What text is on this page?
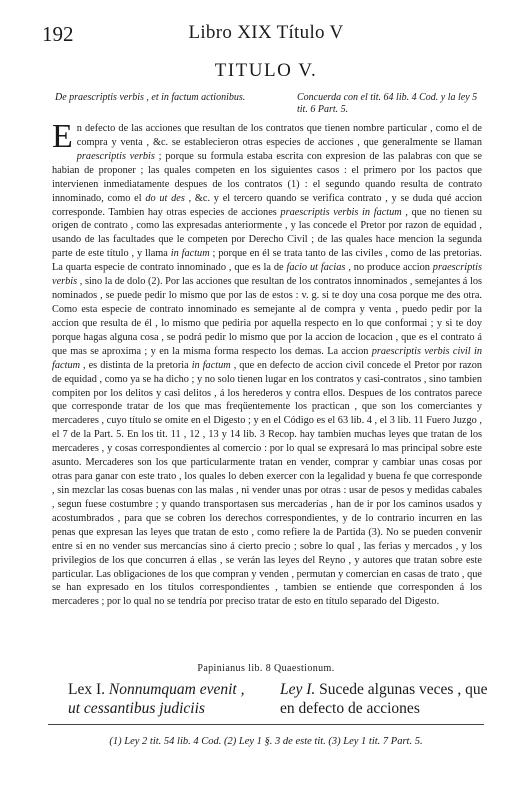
192	Libro XIX Título V
TITULO V.
De praescriptis verbis , et in factum actionibus.	Concuerda con el tit. 64 lib. 4 Cod. y la ley 5 tit. 6 Part. 5.
En defecto de las acciones que resultan de los contratos que tienen nombre particular , como el de compra y venta , &c. se establecieron otras especies de acciones , que generalmente se llaman praescriptis verbis ; porque su formula estaba escrita con expresion de las palabras con que se habian de proponer ; las quales competen en los siguientes casos : el primero por los pactos que intervienen inmediatamente despues de los contratos (1) : el segundo quando resulta de contrato innominado, como el do ut des , &c. y el tercero quando se verifica contrato , y se duda qué accion corresponde. Tambien hay otras especies de acciones praescriptis verbis in factum , que no tienen su origen de contrato , como las expresadas anteriormente , y las concede el Pretor por razon de equidad , usando de las facultades que le competen por Derecho Civil ; de las quales hace mencion la segunda parte de este título , y llama in factum ; porque en él se trata tanto de las civiles , como de las pretorias. La quarta especie de contrato innominado , que es la de facio ut facias , no produce accion praescriptis verbis , sino la de dolo (2). Por las acciones que resultan de los contratos innominados , semejantes á los nominados , se puede pedir lo mismo que por las de estos : v. g. si te doy una cosa porque me des otra. Como esta especie de contrato innominado es semejante al de compra y venta , puedo pedir por la accion que resulta de él , lo mismo que pediria por aquella respecto en lo que conformai ; y si te doy porque hagas alguna cosa , se podrá pedir lo mismo que por la accion de locacion , que es el contrato á que mas se aproxima ; y en la misma forma respecto los demas. La accion praescriptis verbis civil in factum , es distinta de la pretoria in factum , que en defecto de accion civil concede el Pretor por razon de equidad , como ya se ha dicho ; y no solo tienen lugar en los contratos y casi-contratos , sino tambien compiten por los delitos y casi delitos , á los herederos y contra ellos. Despues de los contratos parece que corresponde tratar de los que mas freqüentemente los practican , que son los comerciantes y mercaderes , cuyo título se omite en el Digesto ; y en el Código es el 63 lib. 4 , el 3 lib. 11 Fuero Juzgo , el 7 de la Part. 5. En los tit. 11 , 12 , 13 y 14 lib. 3 Recop. hay tambien muchas leyes que tratan de los mercaderes , y cosas correspondientes al comercio : por lo qual se expresará lo mas principal sobre este asunto. Mercaderes son los que particularmente tratan en vender, comprar y cambiar unas cosas por otras para ganar con este trato , los quales lo deben exercer con la legalidad y buena fe que corresponde , sin mezclar las cosas buenas con las malas , ni vender unas por otras : usar de pesos y medidas cabales , segun fuese costumbre ; y quando transportasen sus mercaderías , han de ir por los caminos usados y acostumbrados , para que se cobren los derechos correspondientes, y de lo contrario incurren en las penas que expresan las leyes que tratan de esto , como refiere la de Partida (3). No se pueden convenir entre si en no vender sus mercancías sino á cierto precio ; sobre lo qual , las ferias y mercados , y los privilegios de los que concurren á ellas , se verán las leyes del Reyno , y autores que tratan sobre este particular. Las obligaciones de los que compran y venden , permutan y comercian en casas de trato , que se han expresado en los títulos correspondientes , tambien se entiende que corresponden á los mercaderes ; por lo qual no se tendría por preciso tratar de esto en título separado del Digesto.
Papinianus lib. 8 Quaestionum.
Lex I. Nonnumquam evenit , ut cessantibus judiciis
Ley I. Sucede algunas veces , que en defecto de acciones
(1) Ley 2 tit. 54 lib. 4 Cod. (2) Ley 1 §. 3 de este tit. (3) Ley 1 tit. 7 Part. 5.
